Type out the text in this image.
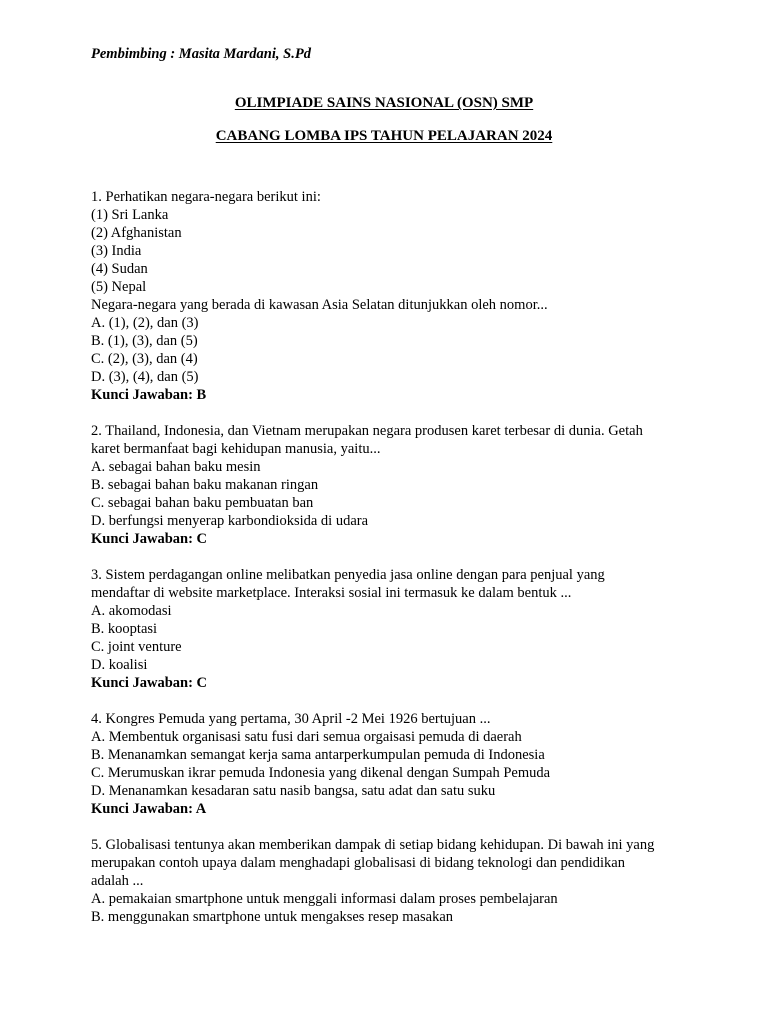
Pembimbing : Masita Mardani, S.Pd
OLIMPIADE SAINS NASIONAL (OSN) SMP
CABANG LOMBA IPS TAHUN PELAJARAN 2024
1. Perhatikan negara-negara berikut ini:
(1) Sri Lanka
(2) Afghanistan
(3) India
(4) Sudan
(5) Nepal
Negara-negara yang berada di kawasan Asia Selatan ditunjukkan oleh nomor...
A. (1), (2), dan (3)
B. (1), (3), dan (5)
C. (2), (3), dan (4)
D. (3), (4), dan (5)
Kunci Jawaban: B
2. Thailand, Indonesia, dan Vietnam merupakan negara produsen karet terbesar di dunia. Getah
karet bermanfaat bagi kehidupan manusia, yaitu...
A. sebagai bahan baku mesin
B. sebagai bahan baku makanan ringan
C. sebagai bahan baku pembuatan ban
D. berfungsi menyerap karbondioksida di udara
Kunci Jawaban: C
3. Sistem perdagangan online melibatkan penyedia jasa online dengan para penjual yang
mendaftar di website marketplace. Interaksi sosial ini termasuk ke dalam bentuk ...
A. akomodasi
B. kooptasi
C. joint venture
D. koalisi
Kunci Jawaban: C
4. Kongres Pemuda yang pertama, 30 April -2 Mei 1926 bertujuan ...
A. Membentuk organisasi satu fusi dari semua orgaisasi pemuda di daerah
B. Menanamkan semangat kerja sama antarperkumpulan pemuda di Indonesia
C. Merumuskan ikrar pemuda Indonesia yang dikenal dengan Sumpah Pemuda
D. Menanamkan kesadaran satu nasib bangsa, satu adat dan satu suku
Kunci Jawaban: A
5. Globalisasi tentunya akan memberikan dampak di setiap bidang kehidupan. Di bawah ini yang
merupakan contoh upaya dalam menghadapi globalisasi di bidang teknologi dan pendidikan
adalah ...
A. pemakaian smartphone untuk menggali informasi dalam proses pembelajaran
B. menggunakan smartphone untuk mengakses resep masakan
